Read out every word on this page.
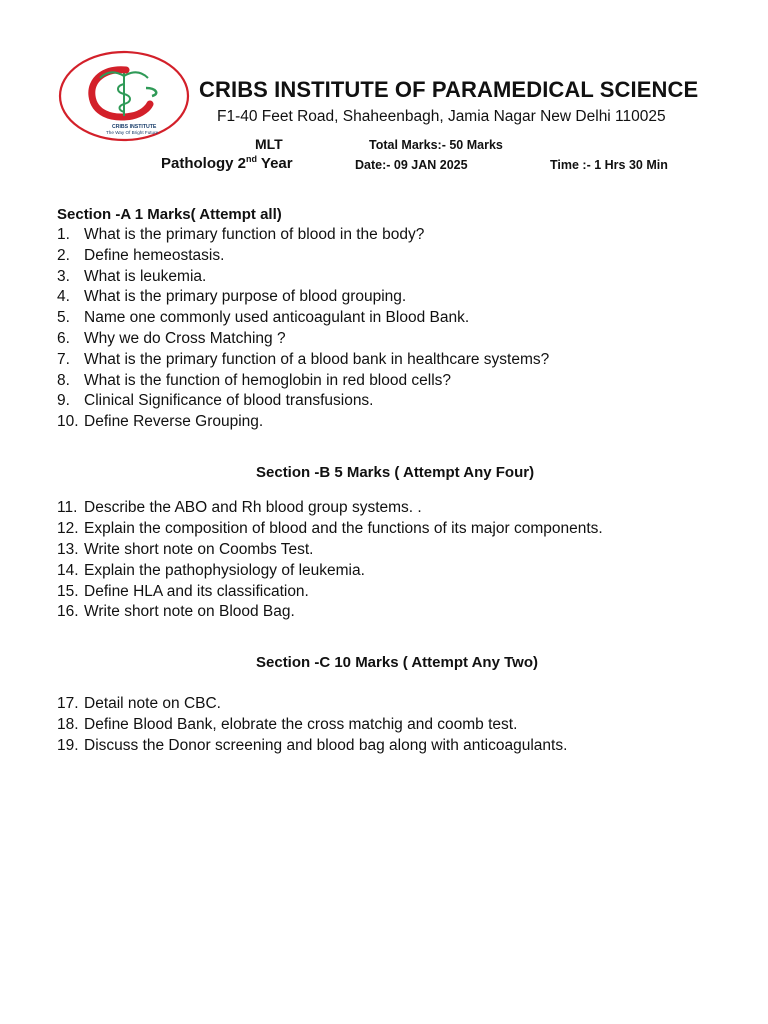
CRIBS INSTITUTE
The Way Of Bright Future
CRIBS INSTITUTE OF PARAMEDICAL SCIENCE
F1-40 Feet Road, Shaheenbagh, Jamia Nagar New Delhi 110025
MLT	Total Marks:- 50 Marks
Pathology 2nd Year	Date:- 09 JAN 2025	Time :- 1 Hrs 30 Min
Section -A 1 Marks( Attempt all)
1. What is the primary function of blood in the body?
2. Define hemeostasis.
3. What is leukemia.
4. What is the primary purpose of blood grouping.
5. Name one commonly used anticoagulant in Blood Bank.
6. Why we do Cross Matching ?
7. What is the primary function of a blood bank in healthcare systems?
8. What is the function of hemoglobin in red blood cells?
9. Clinical Significance of blood transfusions.
10. Define Reverse Grouping.
Section -B 5 Marks ( Attempt Any Four)
11. Describe the ABO and Rh blood group systems. .
12. Explain the composition of blood and the functions of its major components.
13. Write short note on Coombs Test.
14. Explain the pathophysiology of leukemia.
15. Define HLA and its classification.
16. Write short note on Blood Bag.
Section -C 10 Marks ( Attempt Any Two)
17. Detail note on CBC.
18. Define Blood Bank, elobrate the cross matchig and coomb test.
19. Discuss the Donor screening and blood bag along with anticoagulants.
